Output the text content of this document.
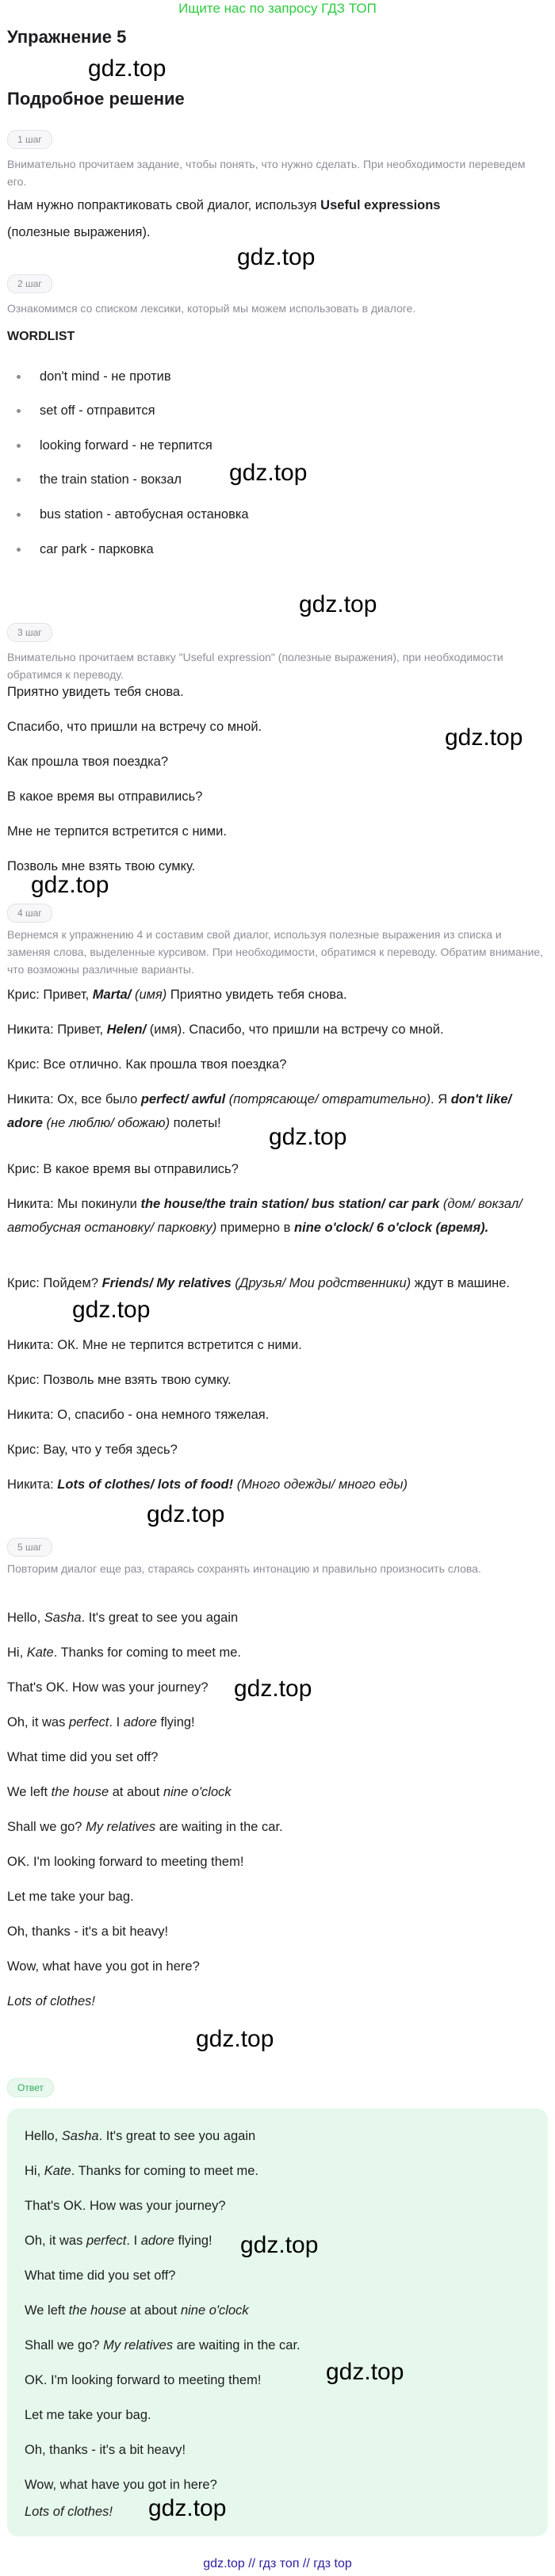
Ищите нас по запросу ГДЗ ТОП
Упражнение 5
gdz.top
Подробное решение
1 шаг
Внимательно прочитаем задание, чтобы понять, что нужно сделать. При необходимости переведем его.
Нам нужно попрактиковать свой диалог, используя Useful expressions
(полезные выражения).
gdz.top
2 шаг
Ознакомимся со списком лексики, который мы можем использовать в диалоге.
WORDLIST
don't mind - не против
set off - отправится
looking forward - не терпится
the train station - вокзал gdz.top
bus station - автобусная остановка
car park - парковка
gdz.top
3 шаг
Внимательно прочитаем вставку "Useful expression" (полезные выражения), при необходимости обратимся к переводу.
Приятно увидеть тебя снова.
Спасибо, что пришли на встречу со мной.	gdz.top
Как прошла твоя поездка?
В какое время вы отправились?
Мне не терпится встретится с ними.
Позволь мне взять твою сумку.
gdz.top
4 шаг
Вернемся к упражнению 4 и составим свой диалог, используя полезные выражения из списка и заменяя слова, выделенные курсивом. При необходимости, обратимся к переводу. Обратим внимание, что возможны различные варианты.
Крис: Привет, Marta/ (имя) Приятно увидеть тебя снова.
Никита: Привет, Helen/ (имя). Спасибо, что пришли на встречу со мной.
Крис: Все отлично. Как прошла твоя поездка?
Никита: Ох, все было perfect/ awful (потрясающе/ отвратительно). Я don't like/ adore (не люблю/ обожаю) полеты!
gdz.top
Крис: В какое время вы отправились?
Никита: Мы покинули the house/the train station/ bus station/ car park (дом/ вокзал/ автобусная остановку/ парковку) примерно в nine o'clock/ 6 o'clock (время).
Крис: Пойдем? Friends/ My relatives (Друзья/ Мои родственники) ждут в машине.
gdz.top
Никита: ОК. Мне не терпится встретится с ними.
Крис: Позволь мне взять твою сумку.
Никита: О, спасибо - она немного тяжелая.
Крис: Вау, что у тебя здесь?
Никита: Lots of clothes/ lots of food! (Много одежды/ много еды)
gdz.top
5 шаг
Повторим диалог еще раз, стараясь сохранять интонацию и правильно произносить слова.
Hello, Sasha. It's great to see you again
Hi, Kate. Thanks for coming to meet me.
That's OK. How was your journey?	gdz.top
Oh, it was perfect. I adore flying!
What time did you set off?
We left the house at about nine o'clock
Shall we go? My relatives are waiting in the car.
OK. I'm looking forward to meeting them!
Let me take your bag.
Oh, thanks - it's a bit heavy!
Wow, what have you got in here?
Lots of clothes!
gdz.top
Ответ
Hello, Sasha. It's great to see you again
Hi, Kate. Thanks for coming to meet me.
That's OK. How was your journey?
Oh, it was perfect. I adore flying!	gdz.top
What time did you set off?
We left the house at about nine o'clock
Shall we go? My relatives are waiting in the car.
OK. I'm looking forward to meeting them!	gdz.top
Let me take your bag.
Oh, thanks - it's a bit heavy!
Wow, what have you got in here?
Lots of clothes!	gdz.top
gdz.top // гдз топ // гдз top
